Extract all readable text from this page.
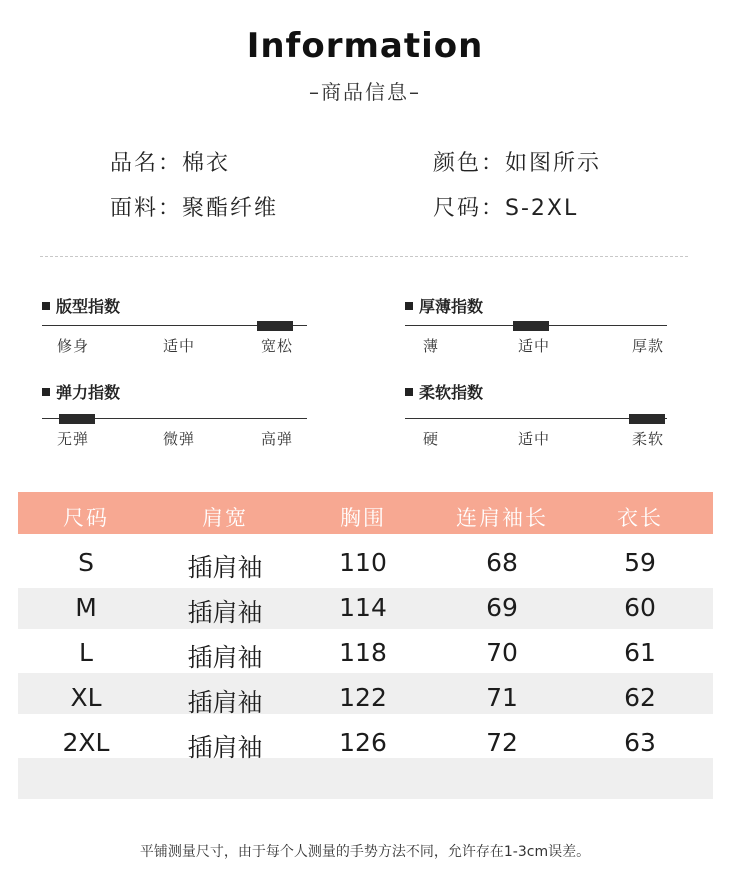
Information
–商品信息–
品名：棉衣	颜色：如图所示
面料：聚酯纤维	尺码：S-2XL
版型指数
修身	适中	宽松
厚薄指数
薄	适中	厚款
弹力指数
无弹	微弹	高弹
柔软指数
硬	适中	柔软
尺码	肩宽	胸围	连肩袖长	衣长
S	插肩袖	110	68	59
M	插肩袖	114	69	60
L	插肩袖	118	70	61
XL	插肩袖	122	71	62
2XL	插肩袖	126	72	63
平铺测量尺寸，由于每个人测量的手势方法不同，允许存在1-3cm误差。
